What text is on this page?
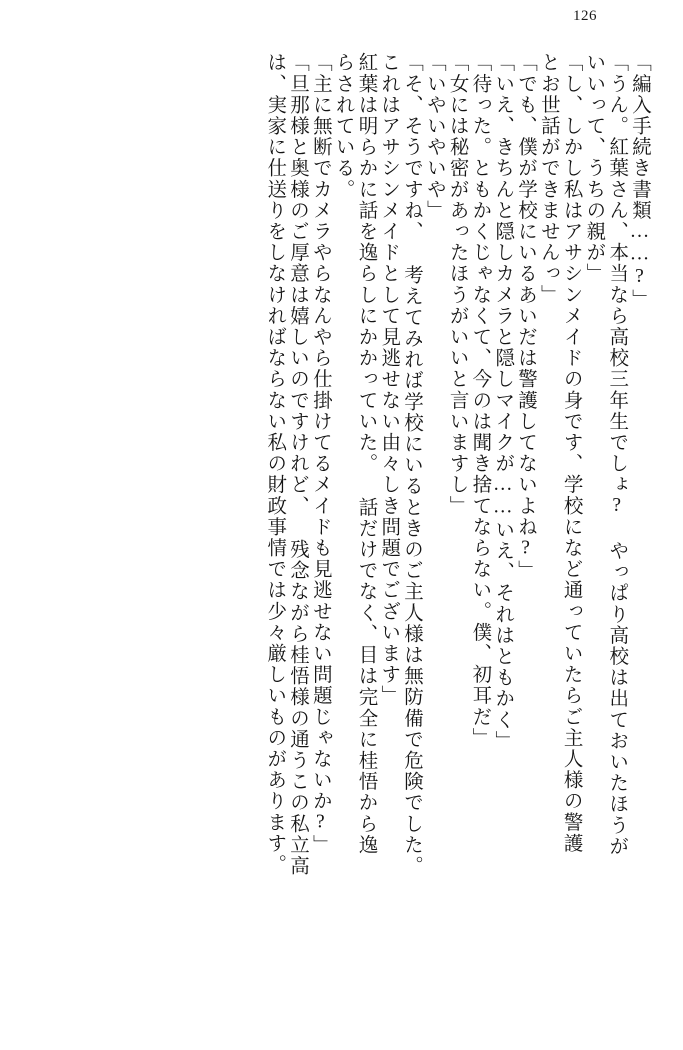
126
「編入手続き書類……?」
「うん。紅葉さん、本当なら高校三年生でしょ? やっぱり高校は出ておいたほうが
いいって、うちの親が」
「し、しかし私はアサシンメイドの身です、学校になど通っていたらご主人様の警護
とお世話ができませんっ」
「でも、僕が学校にいるあいだは警護してないよね?」
「いえ、きちんと隠しカメラと隠しマイクが……いえ、それはともかく」
「待った。ともかくじゃなくて、今のは聞き捨てならない。僕、初耳だ」
「女には秘密があったほうがいいと言いますし」
「いやいやいや」
「そ、そうですね、 考えてみれば学校にいるときのご主人様は無防備で危険でした。
これはアサシンメイドとして見逃せない由々しき問題でございます」
紅葉は明らかに話を逸らしにかかっていた。 話だけでなく、目は完全に桂悟から逸
らされている。
「主に無断でカメラやらなんやら仕掛けてるメイドも見逃せない問題じゃないか?」
「旦那様と奥様のご厚意は嬉しいのですけれど、 残念ながら桂悟様の通うこの私立高
は、実家に仕送りをしなければならない私の財政事情では少々厳しいものがあります。
